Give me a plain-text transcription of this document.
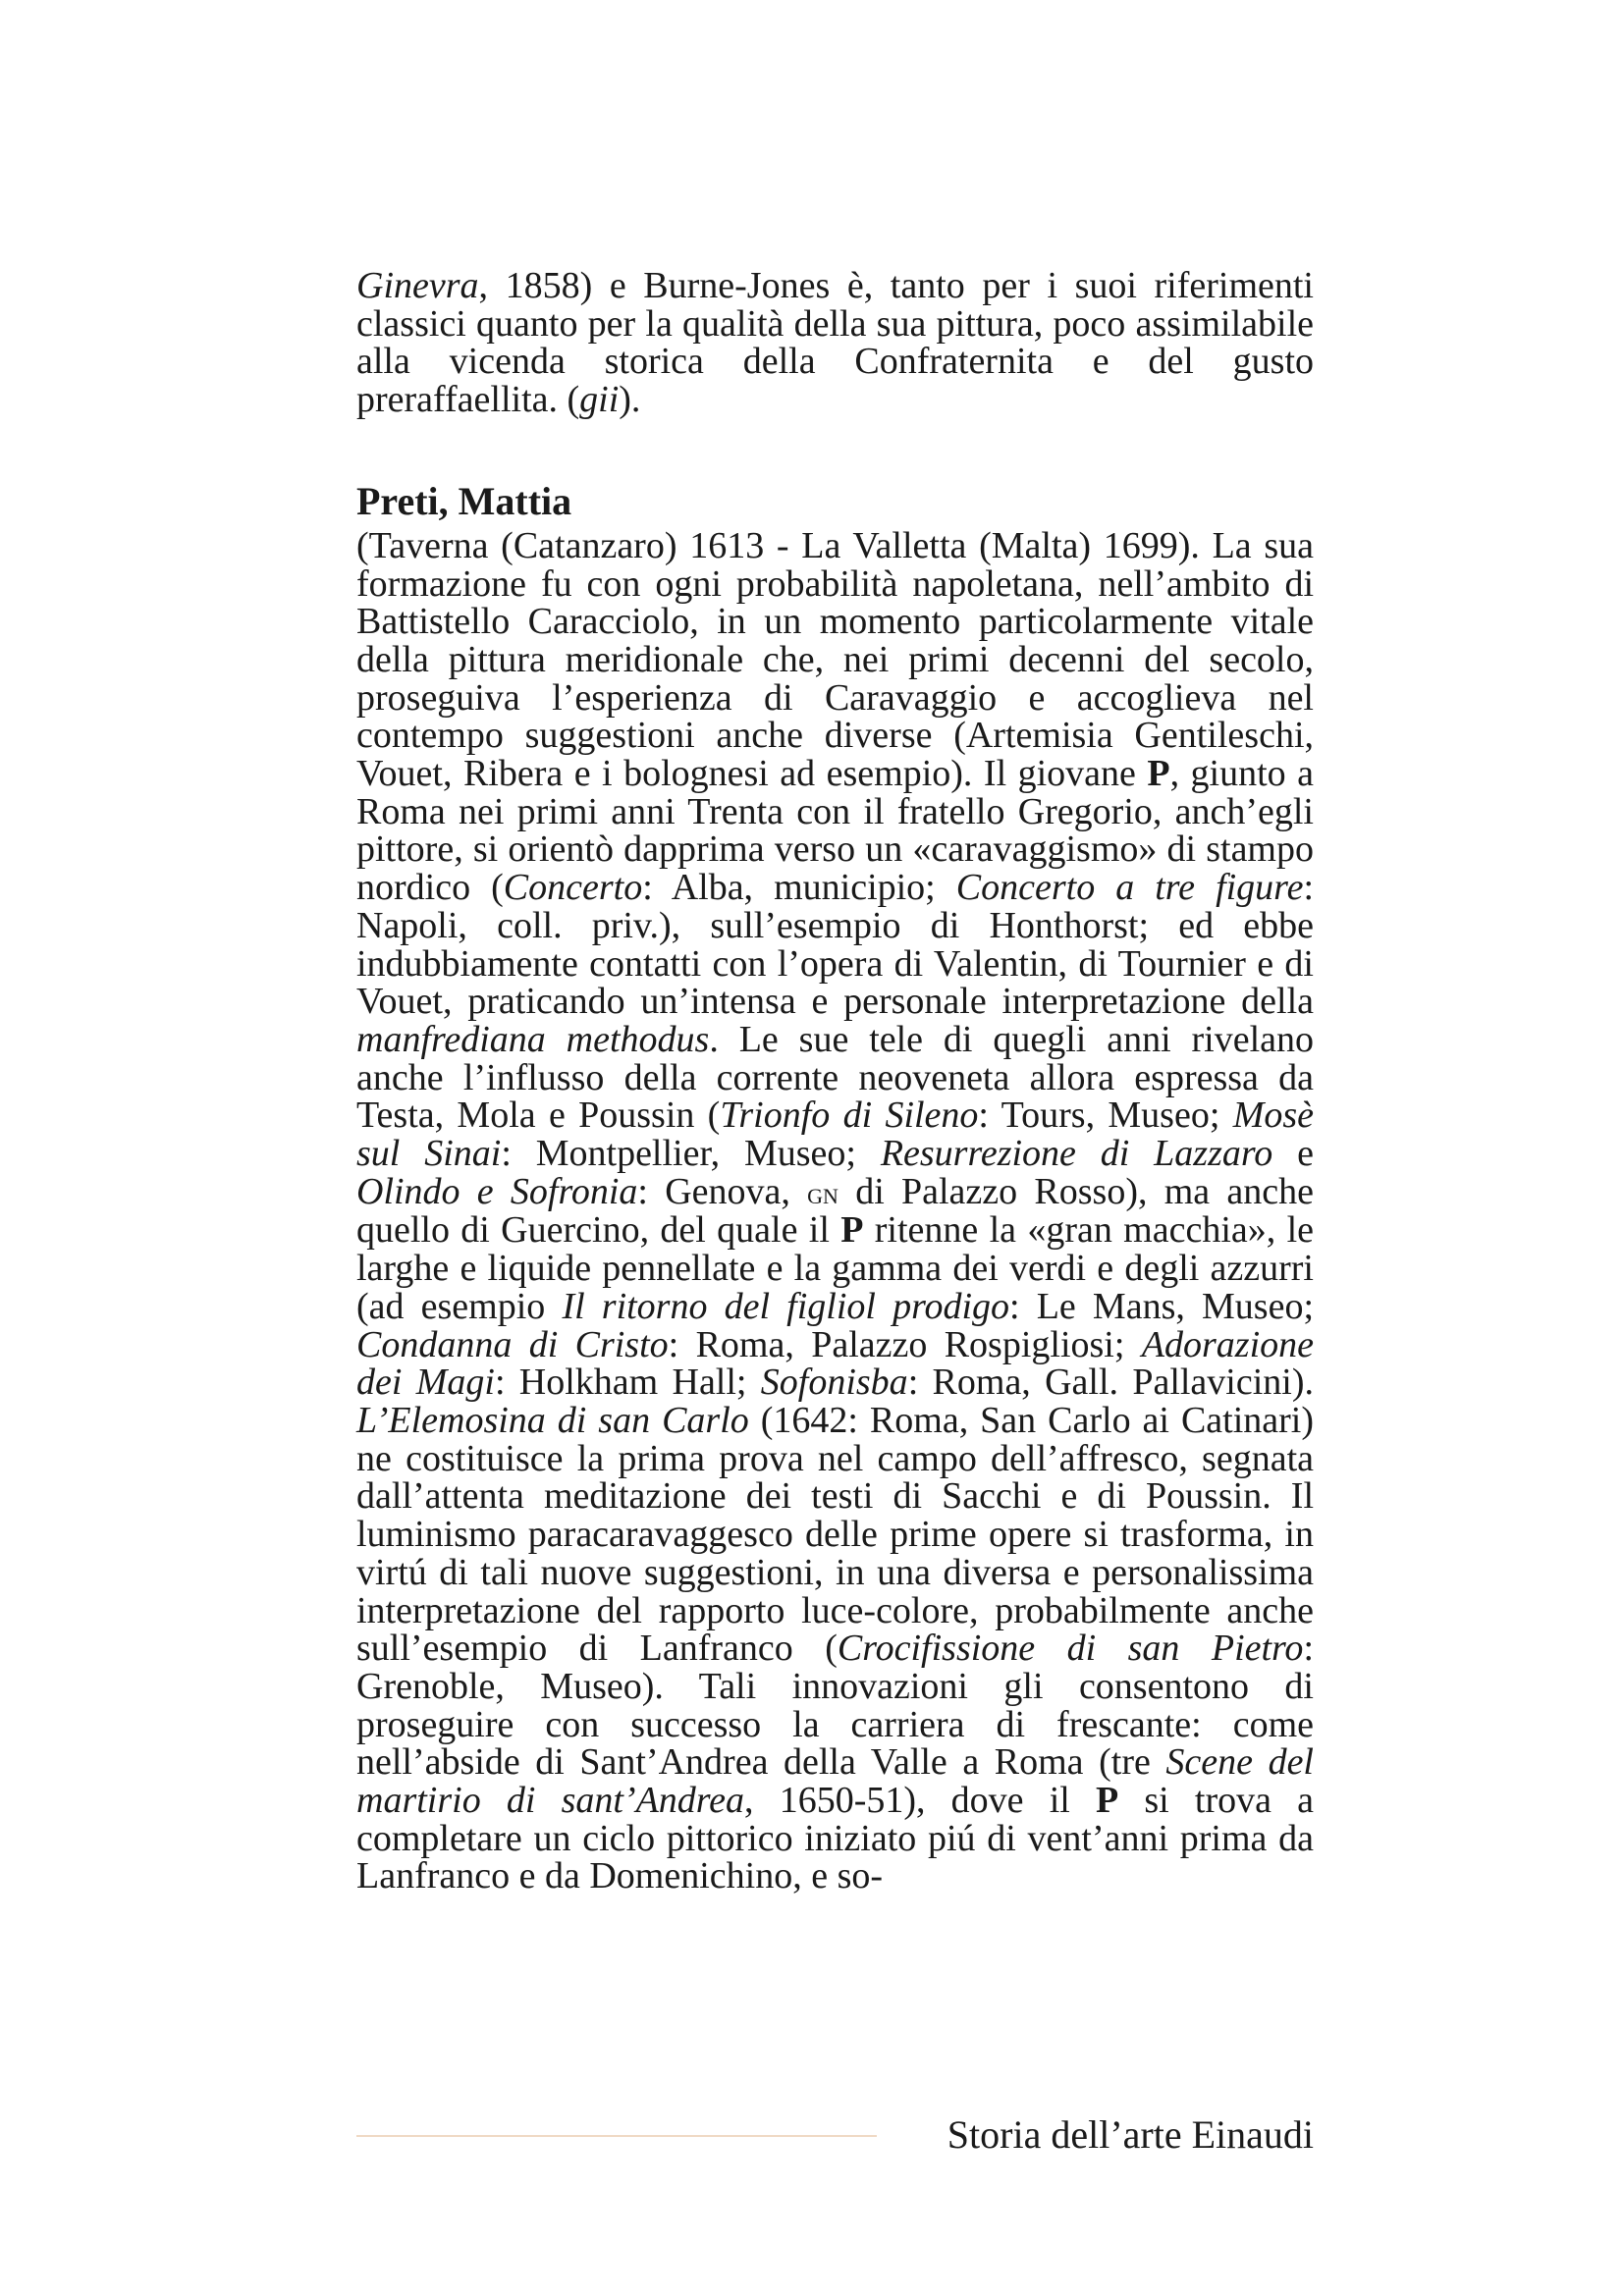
Ginevra, 1858) e Burne-Jones è, tanto per i suoi riferimenti classici quanto per la qualità della sua pittura, poco assimilabile alla vicenda storica della Confraternita e del gusto preraffaellita. (gii).

Preti, Mattia

(Taverna (Catanzaro) 1613 - La Valletta (Malta) 1699). La sua formazione fu con ogni probabilità napoletana, nell’ambito di Battistello Caracciolo, in un momento particolarmente vitale della pittura meridionale che, nei primi decenni del secolo, proseguiva l’esperienza di Caravaggio e accoglieva nel contempo suggestioni anche diverse (Artemisia Gentileschi, Vouet, Ribera e i bolognesi ad esempio). Il giovane P, giunto a Roma nei primi anni Trenta con il fratello Gregorio, anch’egli pittore, si orientò dapprima verso un «caravaggismo» di stampo nordico (Concerto: Alba, municipio; Concerto a tre figure: Napoli, coll. priv.), sull’esempio di Honthorst; ed ebbe indubbiamente contatti con l’opera di Valentin, di Tournier e di Vouet, praticando un’intensa e personale interpretazione della manfrediana methodus. Le sue tele di quegli anni rivelano anche l’influsso della corrente neoveneta allora espressa da Testa, Mola e Poussin (Trionfo di Sileno: Tours, Museo; Mosè sul Sinai: Montpellier, Museo; Resurrezione di Lazzaro e Olindo e Sofronia: Genova, gn di Palazzo Rosso), ma anche quello di Guercino, del quale il P ritenne la «gran macchia», le larghe e liquide pennellate e la gamma dei verdi e degli azzurri (ad esempio Il ritorno del figliol prodigo: Le Mans, Museo; Condanna di Cristo: Roma, Palazzo Rospigliosi; Adorazione dei Magi: Holkham Hall; Sofonisba: Roma, Gall. Pallavicini). L’Elemosina di san Carlo (1642: Roma, San Carlo ai Catinari) ne costituisce la prima prova nel campo dell’affresco, segnata dall’attenta meditazione dei testi di Sacchi e di Poussin. Il luminismo paracaravaggesco delle prime opere si trasforma, in virtú di tali nuove suggestioni, in una diversa e personalissima interpretazione del rapporto luce-colore, probabilmente anche sull’esempio di Lanfranco (Crocifissione di san Pietro: Grenoble, Museo). Tali innovazioni gli consentono di proseguire con successo la carriera di frescante: come nell’abside di Sant’Andrea della Valle a Roma (tre Scene del martirio di sant’Andrea, 1650-51), dove il P si trova a completare un ciclo pittorico iniziato piú di vent’anni prima da Lanfranco e da Domenichino, e so-

Storia dell’arte Einaudi
